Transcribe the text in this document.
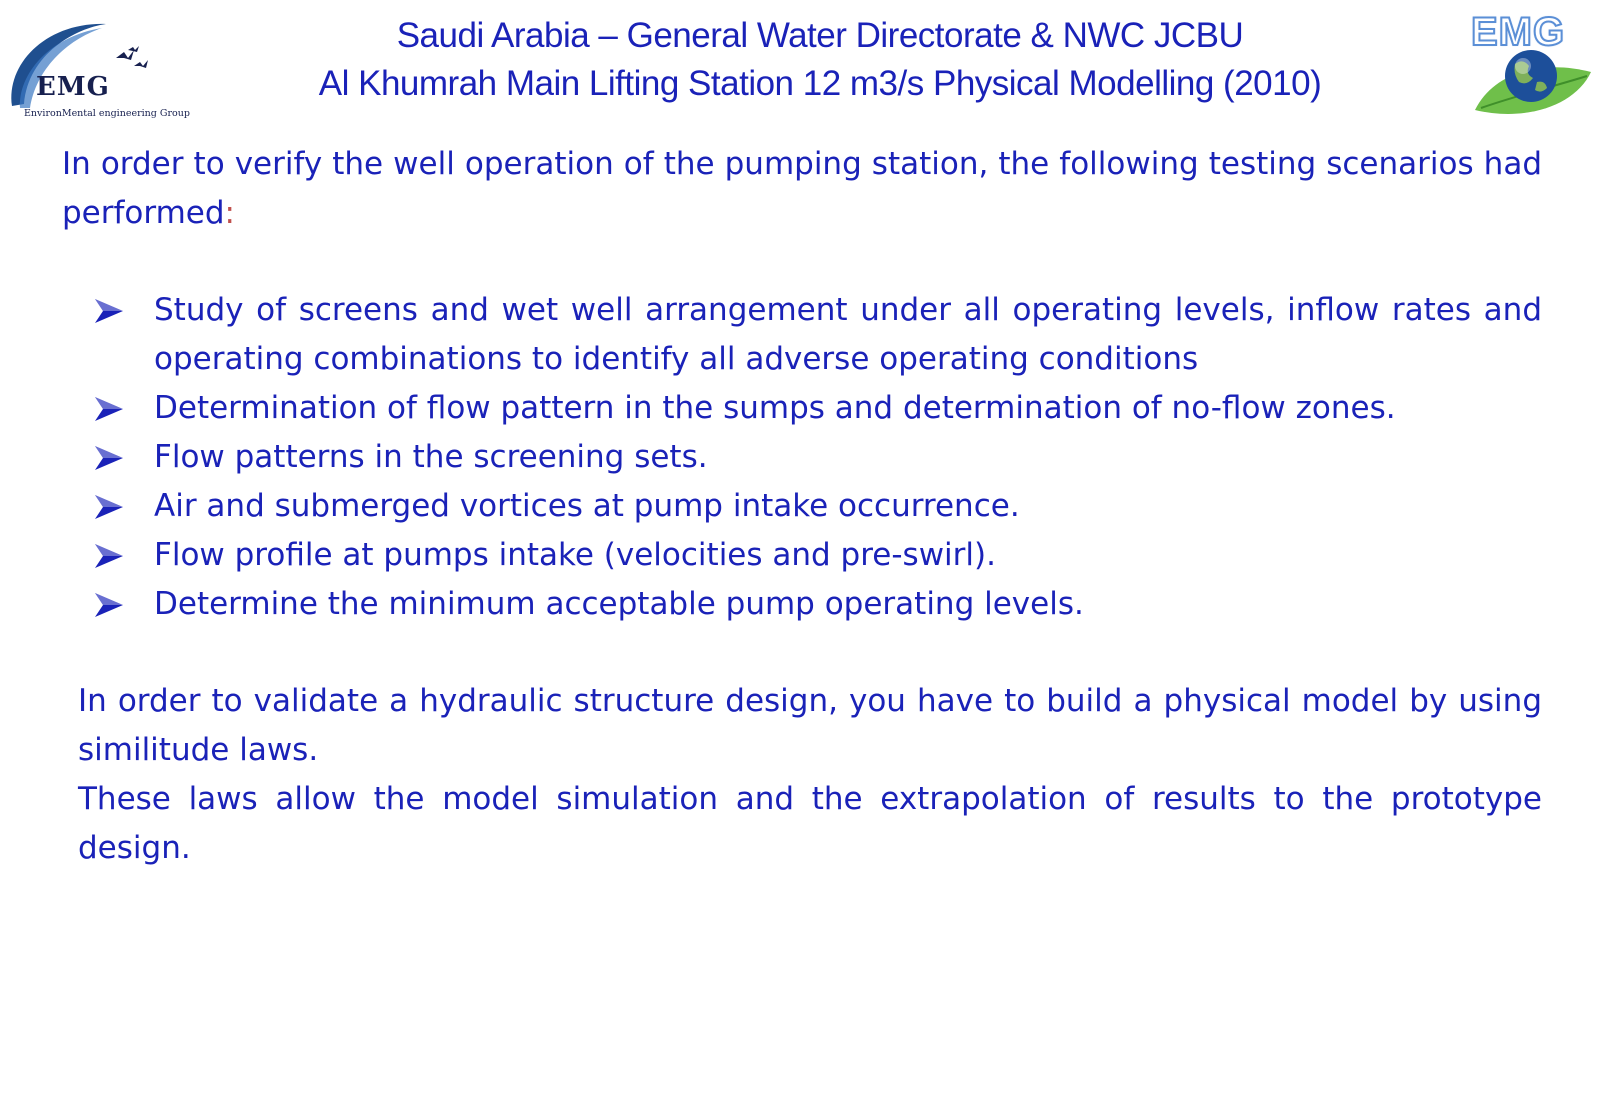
EMG
EnvironMental engineering Group
Saudi Arabia – General Water Directorate & NWC JCBU
Al Khumrah Main Lifting Station 12 m3/s Physical Modelling (2010)
EMG

In order to verify the well operation of the pumping station, the following testing scenarios had performed:

Study of screens and wet well arrangement under all operating levels, inflow rates and operating combinations to identify all adverse operating conditions
Determination of flow pattern in the sumps and determination of no-flow zones.
Flow patterns in the screening sets.
Air and submerged vortices at pump intake occurrence.
Flow profile at pumps intake (velocities and pre-swirl).
Determine the minimum acceptable pump operating levels.

In order to validate a hydraulic structure design, you have to build a physical model by using similitude laws.

These laws allow the model simulation and the extrapolation of results to the prototype design.
